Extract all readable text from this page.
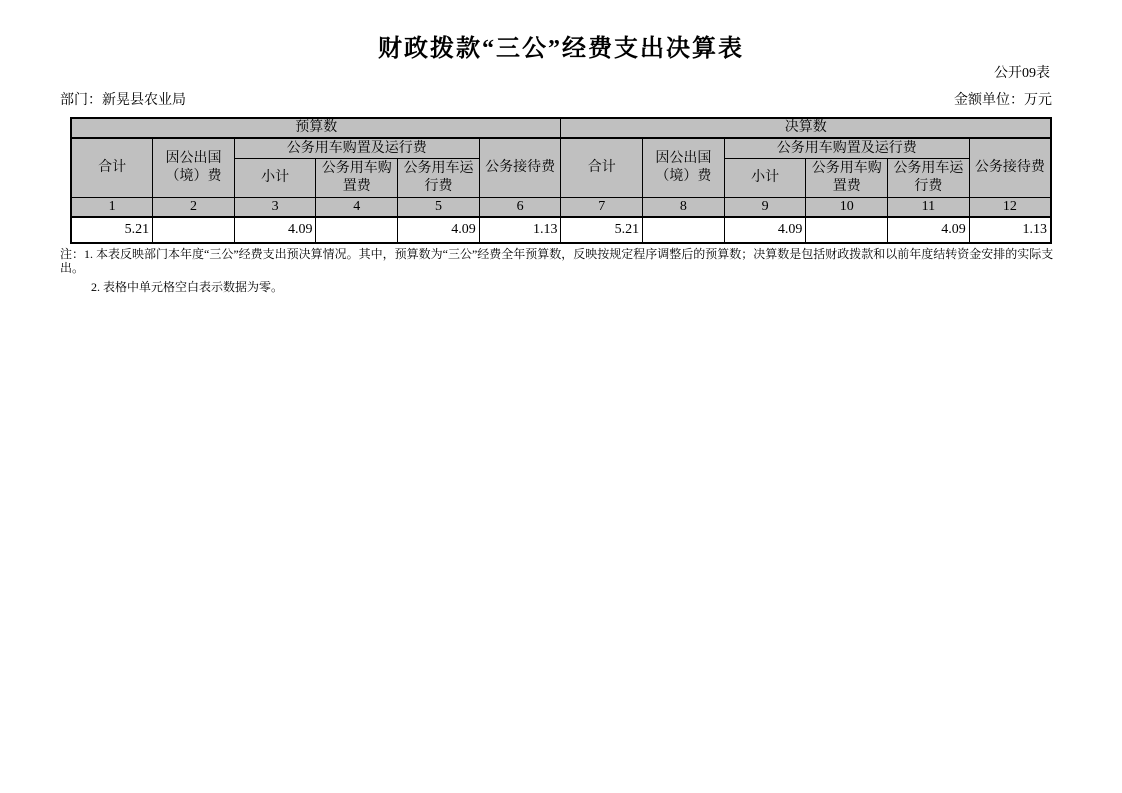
财政拨款“三公”经费支出决算表
公开09表
部门：新晃县农业局	金额单位：万元
预算数						决算数					
合计	因公出国（境）费	公务用车购置及运行费			公务接待费	合计	因公出国（境）费	公务用车购置及运行费			公务接待费
		小计	公务用车购置费	公务用车运行费				小计	公务用车购置费	公务用车运行费	
1	2	3	4	5	6	7	8	9	10	11	12
5.21		4.09		4.09	1.13	5.21		4.09		4.09	1.13

注：1. 本表反映部门本年度“三公”经费支出预决算情况。其中，预算数为“三公”经费全年预算数，反映按规定程序调整后的预算数；决算数是包括财政拨款和以前年度结转资金安排的实际支出。

2. 表格中单元格空白表示数据为零。
